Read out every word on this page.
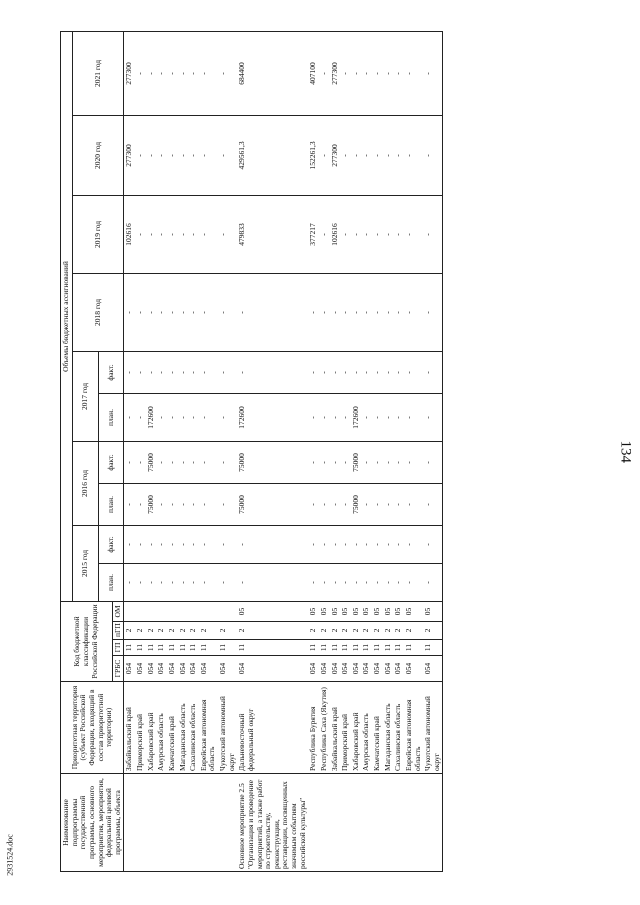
134
2931524.doc
Наименование подпрограммы государственной программы, основного мероприятия, мероприятия, федеральной целевой программы, объекта	Приоритетная территория (субъект Российской Федерации, входящий в состав приоритетной территории)	Код бюджетной классификации Российской Федерации				Объемы бюджетных ассигнований									
						2015 год		2016 год		2017 год		2018 год	2019 год	2020 год	2021 год
						план.	факт.	план.	факт.	план.	факт.				
		ГРБС	ГП	пГП	ОМ										
	Забайкальский край	054	11	2		-	-	-	-	-	-	-	102616	277300	277300
	Приморский край	054	11	2		-	-	-	-	-	-	-	-	-	-
	Хабаровский край	054	11	2		-	-	75000	75000	172600	-	-	-	-	-
	Амурская область	054	11	2		-	-	-	-	-	-	-	-	-	-
	Камчатский край	054	11	2		-	-	-	-	-	-	-	-	-	-
	Магаданская область	054	11	2		-	-	-	-	-	-	-	-	-	-
	Сахалинская область	054	11	2		-	-	-	-	-	-	-	-	-	-
	Еврейская автономная область	054	11	2		-	-	-	-	-	-	-	-	-	-
	Чукотский автономный округ	054	11	2		-	-	-	-	-	-	-	-	-	-
Основное мероприятие 2.5 "Организация и проведение мероприятий, а также работ по строительству, реконструкции, реставрации, посвященных значимым событиям российской культуры"	Дальневосточный федеральный округ	054	11	2	05	-	-	75000	75000	172600	-	-	479833	429561,3	684400
	Республика Бурятия	054	11	2	05	-	-	-	-	-	-	-	377217	152261,3	407100
	Республика Саха (Якутия)	054	11	2	05	-	-	-	-	-	-	-	-	-	-
	Забайкальский край	054	11	2	05	-	-	-	-	-	-	-	102616	277300	277300
	Приморский край	054	11	2	05	-	-	-	-	-	-	-	-	-	-
	Хабаровский край	054	11	2	05	-	-	75000	75000	172600	-	-	-	-	-
	Амурская область	054	11	2	05	-	-	-	-	-	-	-	-	-	-
	Камчатский край	054	11	2	05	-	-	-	-	-	-	-	-	-	-
	Магаданская область	054	11	2	05	-	-	-	-	-	-	-	-	-	-
	Сахалинская область	054	11	2	05	-	-	-	-	-	-	-	-	-	-
	Еврейская автономная область	054	11	2	05	-	-	-	-	-	-	-	-	-	-
	Чукотский автономный округ	054	11	2	05	-	-	-	-	-	-	-	-	-	-
